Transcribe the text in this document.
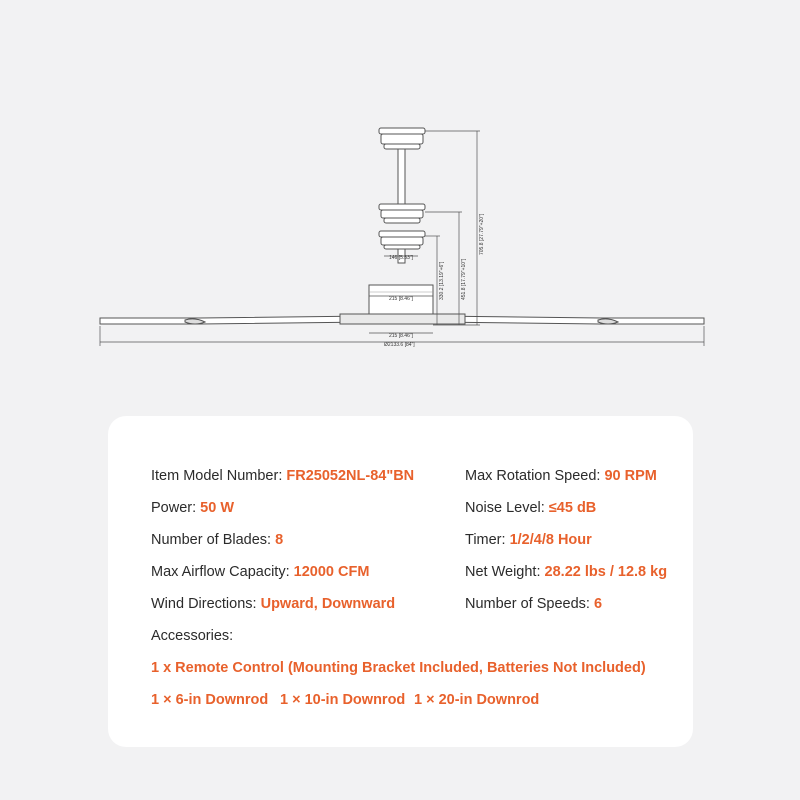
146 [5.53"]
215 [8.46"]
215 [8.46"]
Ø2133.6 [84"]
330.2 [13.19"+6"]	451.8 [17.79"+10"]
705.8 [27.79"+20"]
Item Model Number: FR25052NL-84"BN
Power: 50 W
Number of Blades: 8
Max Airflow Capacity: 12000 CFM
Wind Directions: Upward, Downward
Max Rotation Speed: 90 RPM
Noise Level: ≤45 dB
Timer: 1/2/4/8 Hour
Net Weight: 28.22 lbs / 12.8 kg
Number of Speeds: 6
Accessories:
1 x Remote Control (Mounting Bracket Included, Batteries Not Included)
1 × 6-in Downrod 1 × 10-in Downrod 1 × 20-in Downrod
